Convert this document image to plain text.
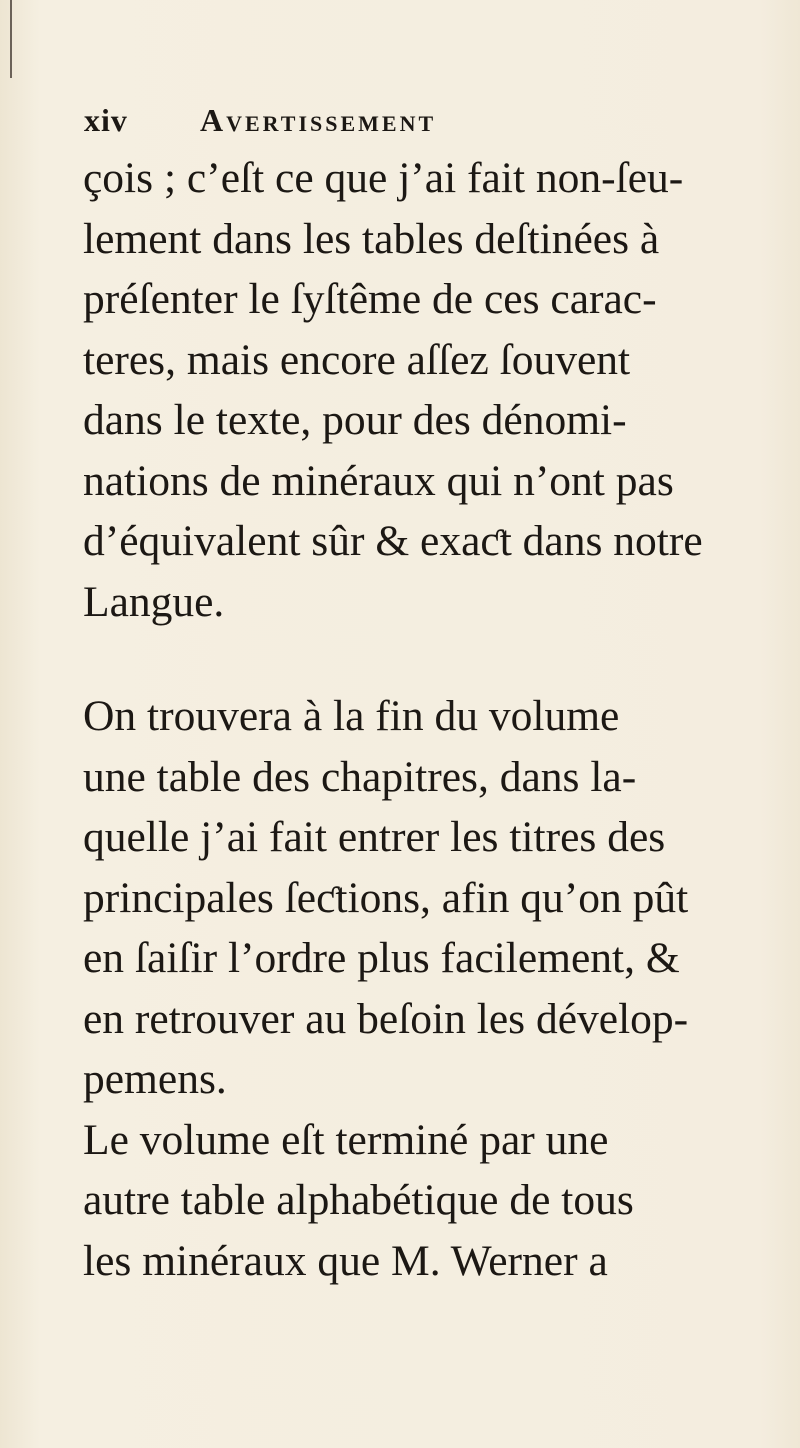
xiv Avertissement
çois ; c’eſt ce que j’ai fait non-ſeu-
lement dans les tables deſtinées à
préſenter le ſyſtême de ces carac-
teres, mais encore aſſez ſouvent
dans le texte, pour des dénomi-
nations de minéraux qui n’ont pas
d’équivalent sûr & exaƈt dans notre
Langue.
On trouvera à la fin du volume
une table des chapitres, dans la-
quelle j’ai fait entrer les titres des
principales ſeƈtions, afin qu’on pût
en ſaiſir l’ordre plus facilement, &
en retrouver au beſoin les dévelop-
pemens.
Le volume eſt terminé par une
autre table alphabétique de tous
les minéraux que M. Werner a
